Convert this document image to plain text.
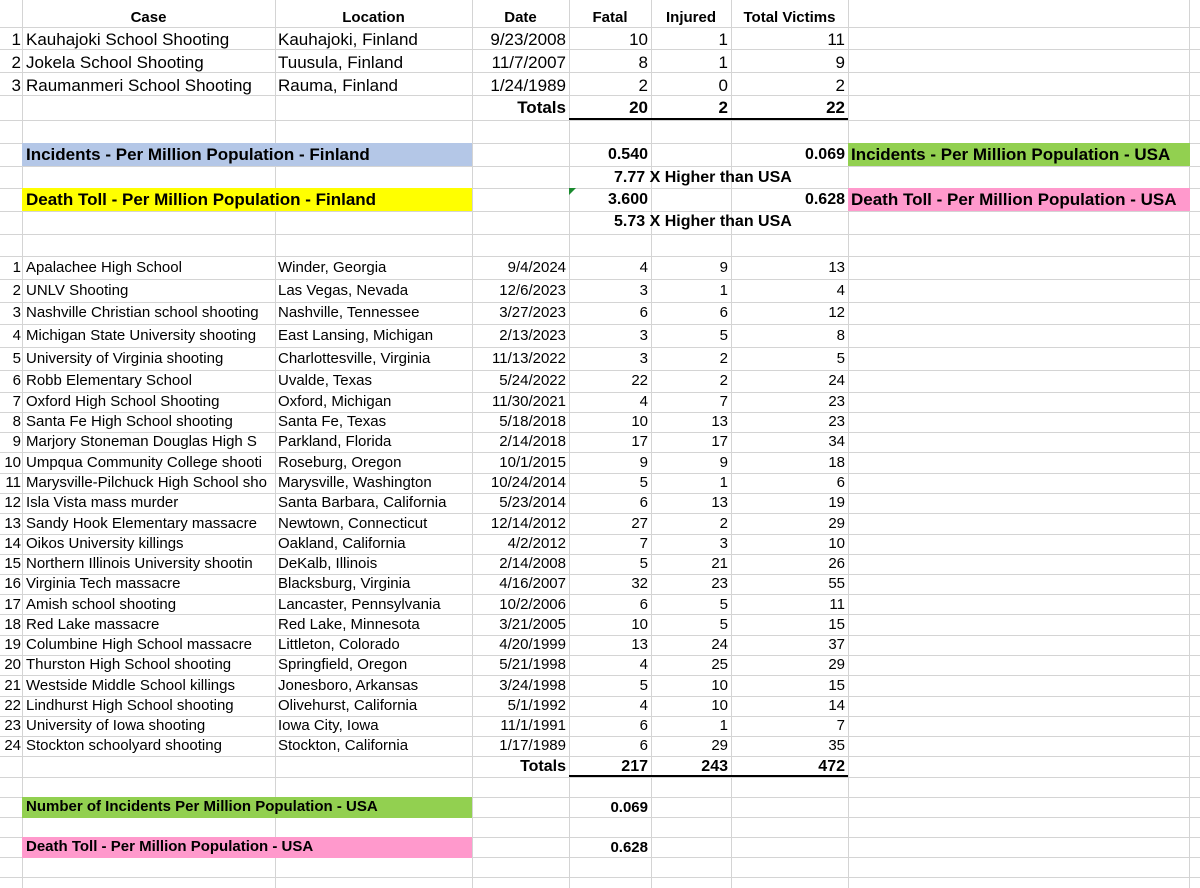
Case	Location	Date	Fatal	Injured	Total Victims
1 Kauhajoki School Shooting	Kauhajoki, Finland	9/23/2008	10	1	11
2 Jokela School Shooting	Tuusula, Finland	11/7/2007	8	1	9
3 Raumanmeri School Shooting	Rauma, Finland	1/24/1989	2	0	2
Totals	20	2	22
Incidents - Per Million Population - Finland	0.540	0.069 Incidents - Per Million Population - USA
7.77 X Higher than USA
Death Toll - Per Million Population - Finland	3.600	0.628 Death Toll - Per Million Population - USA
5.73 X Higher than USA
1 Apalachee High School	Winder, Georgia	9/4/2024	4	9	13
2 UNLV Shooting	Las Vegas, Nevada	12/6/2023	3	1	4
3 Nashville Christian school shooting	Nashville, Tennessee	3/27/2023	6	6	12
4 Michigan State University shooting	East Lansing, Michigan	2/13/2023	3	5	8
5 University of Virginia shooting	Charlottesville, Virginia	11/13/2022	3	2	5
6 Robb Elementary School	Uvalde, Texas	5/24/2022	22	2	24
7 Oxford High School Shooting	Oxford, Michigan	11/30/2021	4	7	23
8 Santa Fe High School shooting	Santa Fe, Texas	5/18/2018	10	13	23
9 Marjory Stoneman Douglas High S	Parkland, Florida	2/14/2018	17	17	34
10 Umpqua Community College shooti	Roseburg, Oregon	10/1/2015	9	9	18
11 Marysville-Pilchuck High School sho Marysville, Washington	10/24/2014	5	1	6
12 Isla Vista mass murder	Santa Barbara, California	5/23/2014	6	13	19
13 Sandy Hook Elementary massacre	Newtown, Connecticut	12/14/2012	27	2	29
14 Oikos University killings	Oakland, California	4/2/2012	7	3	10
15 Northern Illinois University shootin	DeKalb, Illinois	2/14/2008	5	21	26
16 Virginia Tech massacre	Blacksburg, Virginia	4/16/2007	32	23	55
17 Amish school shooting	Lancaster, Pennsylvania	10/2/2006	6	5	11
18 Red Lake massacre	Red Lake, Minnesota	3/21/2005	10	5	15
19 Columbine High School massacre	Littleton, Colorado	4/20/1999	13	24	37
20 Thurston High School shooting	Springfield, Oregon	5/21/1998	4	25	29
21 Westside Middle School killings	Jonesboro, Arkansas	3/24/1998	5	10	15
22 Lindhurst High School shooting	Olivehurst, California	5/1/1992	4	10	14
23 University of Iowa shooting	Iowa City, Iowa	11/1/1991	6	1	7
24 Stockton schoolyard shooting	Stockton, California	1/17/1989	6	29	35
Totals	217	243	472
Number of Incidents Per Million Population - USA	0.069
Death Toll - Per Million Population - USA	0.628
